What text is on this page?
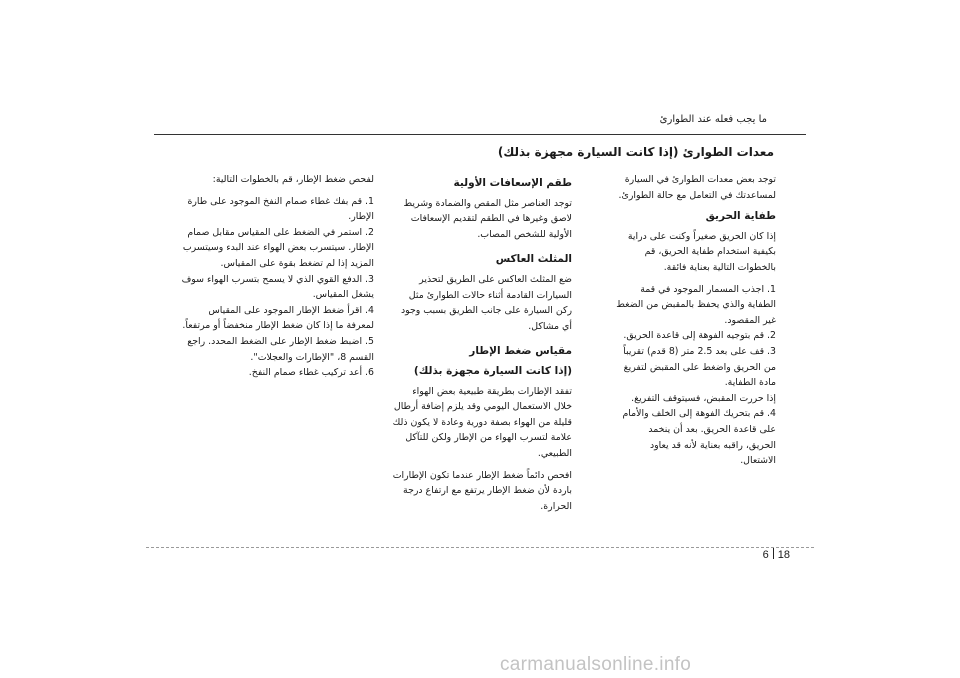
ما يجب فعله عند الطوارئ
معدات الطوارئ (إذا كانت السيارة مجهزة بذلك)

توجد بعض معدات الطوارئ في السيارة لمساعدتك في التعامل مع حالة الطوارئ.

طفاية الحريق

إذا كان الحريق صغيراً وكنت على دراية بكيفية استخدام طفاية الحريق، قم بالخطوات التالية بعناية فائقة.

1. اجذب المسمار الموجود في قمة الطفاية والذي يحفظ بالمقبض من الضغط غير المقصود.
2. قم بتوجيه الفوهة إلى قاعدة الحريق.
3. قف على بعد 2.5 متر (8 قدم) تقريباً من الحريق واضغط على المقبض لتفريغ مادة الطفاية.
إذا حررت المقبض، فسيتوقف التفريغ.
4. قم بتحريك الفوهة إلى الخلف والأمام على قاعدة الحريق. بعد أن ينخمد الحريق، راقبه بعناية لأنه قد يعاود الاشتعال.
طقم الإسعافات الأولية

توجد العناصر مثل المقص والضمادة وشريط لاصق وغيرها في الطقم لتقديم الإسعافات الأولية للشخص المصاب.

المثلث العاكس

ضع المثلث العاكس على الطريق لتحذير السيارات القادمة أثناء حالات الطوارئ مثل ركن السيارة على جانب الطريق بسبب وجود أي مشاكل.

مقياس ضغط الإطار
(إذا كانت السيارة مجهزة بذلك)

تفقد الإطارات بطريقة طبيعية بعض الهواء خلال الاستعمال اليومي وقد يلزم إضافة أرطال قليلة من الهواء بصفة دورية وعادة لا يكون ذلك علامة لتسرب الهواء من الإطار ولكن للتآكل الطبيعي.

افحص دائماً ضغط الإطار عندما تكون الإطارات باردة لأن ضغط الإطار يرتفع مع ارتفاع درجة الحرارة.

لفحص ضغط الإطار، قم بالخطوات التالية:

1. قم بفك غطاء صمام النفخ الموجود على طارة الإطار.
2. استمر في الضغط على المقياس مقابل صمام الإطار. سيتسرب بعض الهواء عند البدء وسيتسرب المزيد إذا لم تضغط بقوة على المقياس.
3. الدفع القوي الذي لا يسمح بتسرب الهواء سوف يشغل المقياس.
4. اقرأ ضغط الإطار الموجود على المقياس لمعرفة ما إذا كان ضغط الإطار منخفضاً أو مرتفعاً.
5. اضبط ضغط الإطار على الضغط المحدد. راجع القسم 8، "الإطارات والعجلات".
6. أعد تركيب غطاء صمام النفخ.
6 18
carmanualsonline.info
